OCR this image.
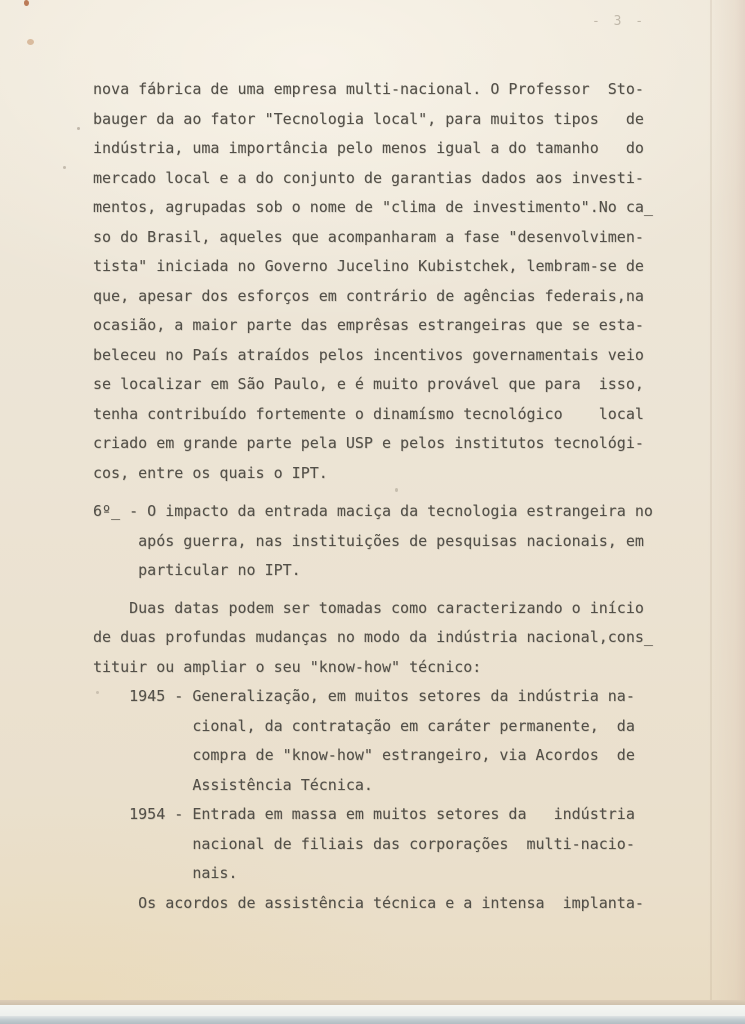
- 3 -
nova fábrica de uma empresa multi-nacional. O Professor  Sto-
bauger da ao fator "Tecnologia local", para muitos tipos   de
indústria, uma importância pelo menos igual a do tamanho   do
mercado local e a do conjunto de garantias dados aos investi-
mentos, agrupadas sob o nome de "clima de investimento".No ca̲
so do Brasil, aqueles que acompanharam a fase "desenvolvimen-
tista" iniciada no Governo Jucelino Kubistchek, lembram-se de
que, apesar dos esforços em contrário de agências federais,na
ocasião, a maior parte das emprêsas estrangeiras que se esta-
beleceu no País atraídos pelos incentivos governamentais veio
se localizar em São Paulo, e é muito provável que para  isso,
tenha contribuído fortemente o dinamísmo tecnológico    local
criado em grande parte pela USP e pelos institutos tecnológi-
cos, entre os quais o IPT.
6º̲ - O impacto da entrada maciça da tecnologia estrangeira no
após guerra, nas instituições de pesquisas nacionais, em
particular no IPT.
Duas datas podem ser tomadas como caracterizando o início
de duas profundas mudanças no modo da indústria nacional,cons̲
tituir ou ampliar o seu "know-how" técnico:
1945 - Generalização, em muitos setores da indústria na-
cional, da contratação em caráter permanente,  da
compra de "know-how" estrangeiro, via Acordos  de
Assistência Técnica.
1954 - Entrada em massa em muitos setores da   indústria
nacional de filiais das corporações  multi-nacio-
nais.
Os acordos de assistência técnica e a intensa  implanta-
